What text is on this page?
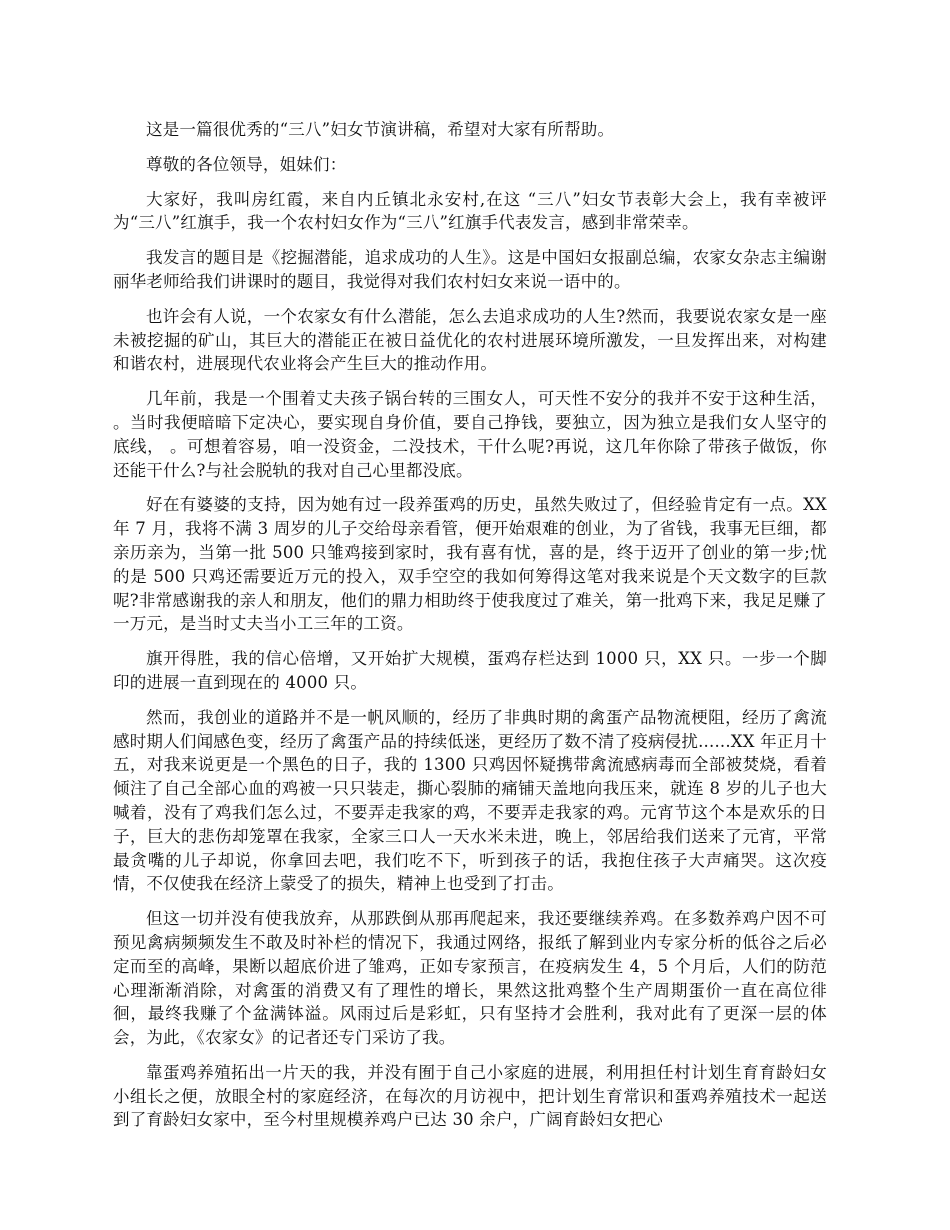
这是一篇很优秀的“三八”妇女节演讲稿，希望对大家有所帮助。

尊敬的各位领导，姐妹们：

大家好，我叫房红霞，来自内丘镇北永安村,在这 “三八”妇女节表彰大会上，我有幸被评为“三八”红旗手，我一个农村妇女作为“三八”红旗手代表发言，感到非常荣幸。

我发言的题目是《挖掘潜能，追求成功的人生》。这是中国妇女报副总编，农家女杂志主编谢丽华老师给我们讲课时的题目，我觉得对我们农村妇女来说一语中的。

也许会有人说，一个农家女有什么潜能，怎么去追求成功的人生?然而，我要说农家女是一座未被挖掘的矿山，其巨大的潜能正在被日益优化的农村进展环境所激发，一旦发挥出来，对构建和谐农村，进展现代农业将会产生巨大的推动作用。

几年前，我是一个围着丈夫孩子锅台转的三围女人，可天性不安分的我并不安于这种生活， 。当时我便暗暗下定决心，要实现自身价值，要自己挣钱，要独立，因为独立是我们女人坚守的底线， 。可想着容易，咱一没资金，二没技术，干什么呢?再说，这几年你除了带孩子做饭，你还能干什么?与社会脱轨的我对自己心里都没底。

好在有婆婆的支持，因为她有过一段养蛋鸡的历史，虽然失败过了，但经验肯定有一点。XX 年 7 月，我将不满 3 周岁的儿子交给母亲看管，便开始艰难的创业，为了省钱，我事无巨细，都亲历亲为，当第一批 500 只雏鸡接到家时，我有喜有忧，喜的是，终于迈开了创业的第一步;忧的是 500 只鸡还需要近万元的投入，双手空空的我如何筹得这笔对我来说是个天文数字的巨款呢?非常感谢我的亲人和朋友，他们的鼎力相助终于使我度过了难关，第一批鸡下来，我足足赚了一万元，是当时丈夫当小工三年的工资。

旗开得胜，我的信心倍增，又开始扩大规模，蛋鸡存栏达到 1000 只，XX 只。一步一个脚印的进展一直到现在的 4000 只。

然而，我创业的道路并不是一帆风顺的，经历了非典时期的禽蛋产品物流梗阻，经历了禽流感时期人们闻感色变，经历了禽蛋产品的持续低迷，更经历了数不清了疫病侵扰......XX 年正月十五，对我来说更是一个黑色的日子，我的 1300 只鸡因怀疑携带禽流感病毒而全部被焚烧，看着倾注了自己全部心血的鸡被一只只装走，撕心裂肺的痛铺天盖地向我压来，就连 8 岁的儿子也大喊着，没有了鸡我们怎么过，不要弄走我家的鸡，不要弄走我家的鸡。元宵节这个本是欢乐的日子，巨大的悲伤却笼罩在我家，全家三口人一天水米未进，晚上，邻居给我们送来了元宵，平常最贪嘴的儿子却说，你拿回去吧，我们吃不下，听到孩子的话，我抱住孩子大声痛哭。这次疫情，不仅使我在经济上蒙受了的损失，精神上也受到了打击。

但这一切并没有使我放弃，从那跌倒从那再爬起来，我还要继续养鸡。在多数养鸡户因不可预见禽病频频发生不敢及时补栏的情况下，我通过网络，报纸了解到业内专家分析的低谷之后必定而至的高峰，果断以超底价进了雏鸡，正如专家预言，在疫病发生 4，5 个月后，人们的防范心理渐渐消除，对禽蛋的消费又有了理性的增长，果然这批鸡整个生产周期蛋价一直在高位徘徊，最终我赚了个盆满钵溢。风雨过后是彩虹，只有坚持才会胜利，我对此有了更深一层的体会，为此，《农家女》的记者还专门采访了我。

靠蛋鸡养殖拓出一片天的我，并没有囿于自己小家庭的进展，利用担任村计划生育育龄妇女小组长之便，放眼全村的家庭经济，在每次的月访视中，把计划生育常识和蛋鸡养殖技术一起送到了育龄妇女家中，至今村里规模养鸡户已达 30 余户，广阔育龄妇女把心
